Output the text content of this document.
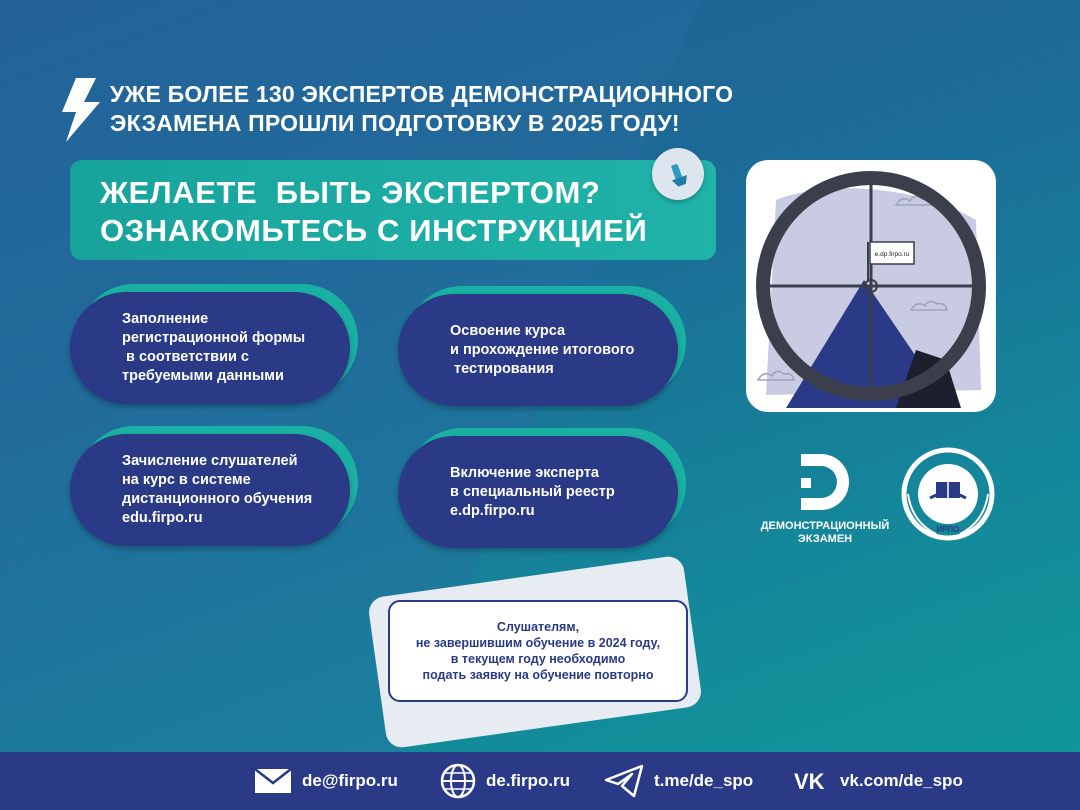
УЖЕ БОЛЕЕ 130 ЭКСПЕРТОВ ДЕМОНСТРАЦИОННОГО
ЭКЗАМЕНА ПРОШЛИ ПОДГОТОВКУ В 2025 ГОДУ!
ЖЕЛАЕТЕ  БЫТЬ ЭКСПЕРТОМ?
ОЗНАКОМЬТЕСЬ С ИНСТРУКЦИЕЙ
Заполнение
регистрационной формы
в соответствии с
требуемыми данными
Освоение курса
и прохождение итогового
тестирования
Зачисление слушателей
на курс в системе
дистанционного обучения
edu.firpo.ru
Включение эксперта
в специальный реестр
e.dp.firpo.ru
e.dp.firpo.ru
ДЕМОНСТРАЦИОННЫЙ
ЭКЗАМЕН
ИРПО
Слушателям,
не завершившим обучение в 2024 году,
в текущем году необходимо
подать заявку на обучение повторно
de@firpo.ru	de.firpo.ru	t.me/de_spo VK vk.com/de_spo
